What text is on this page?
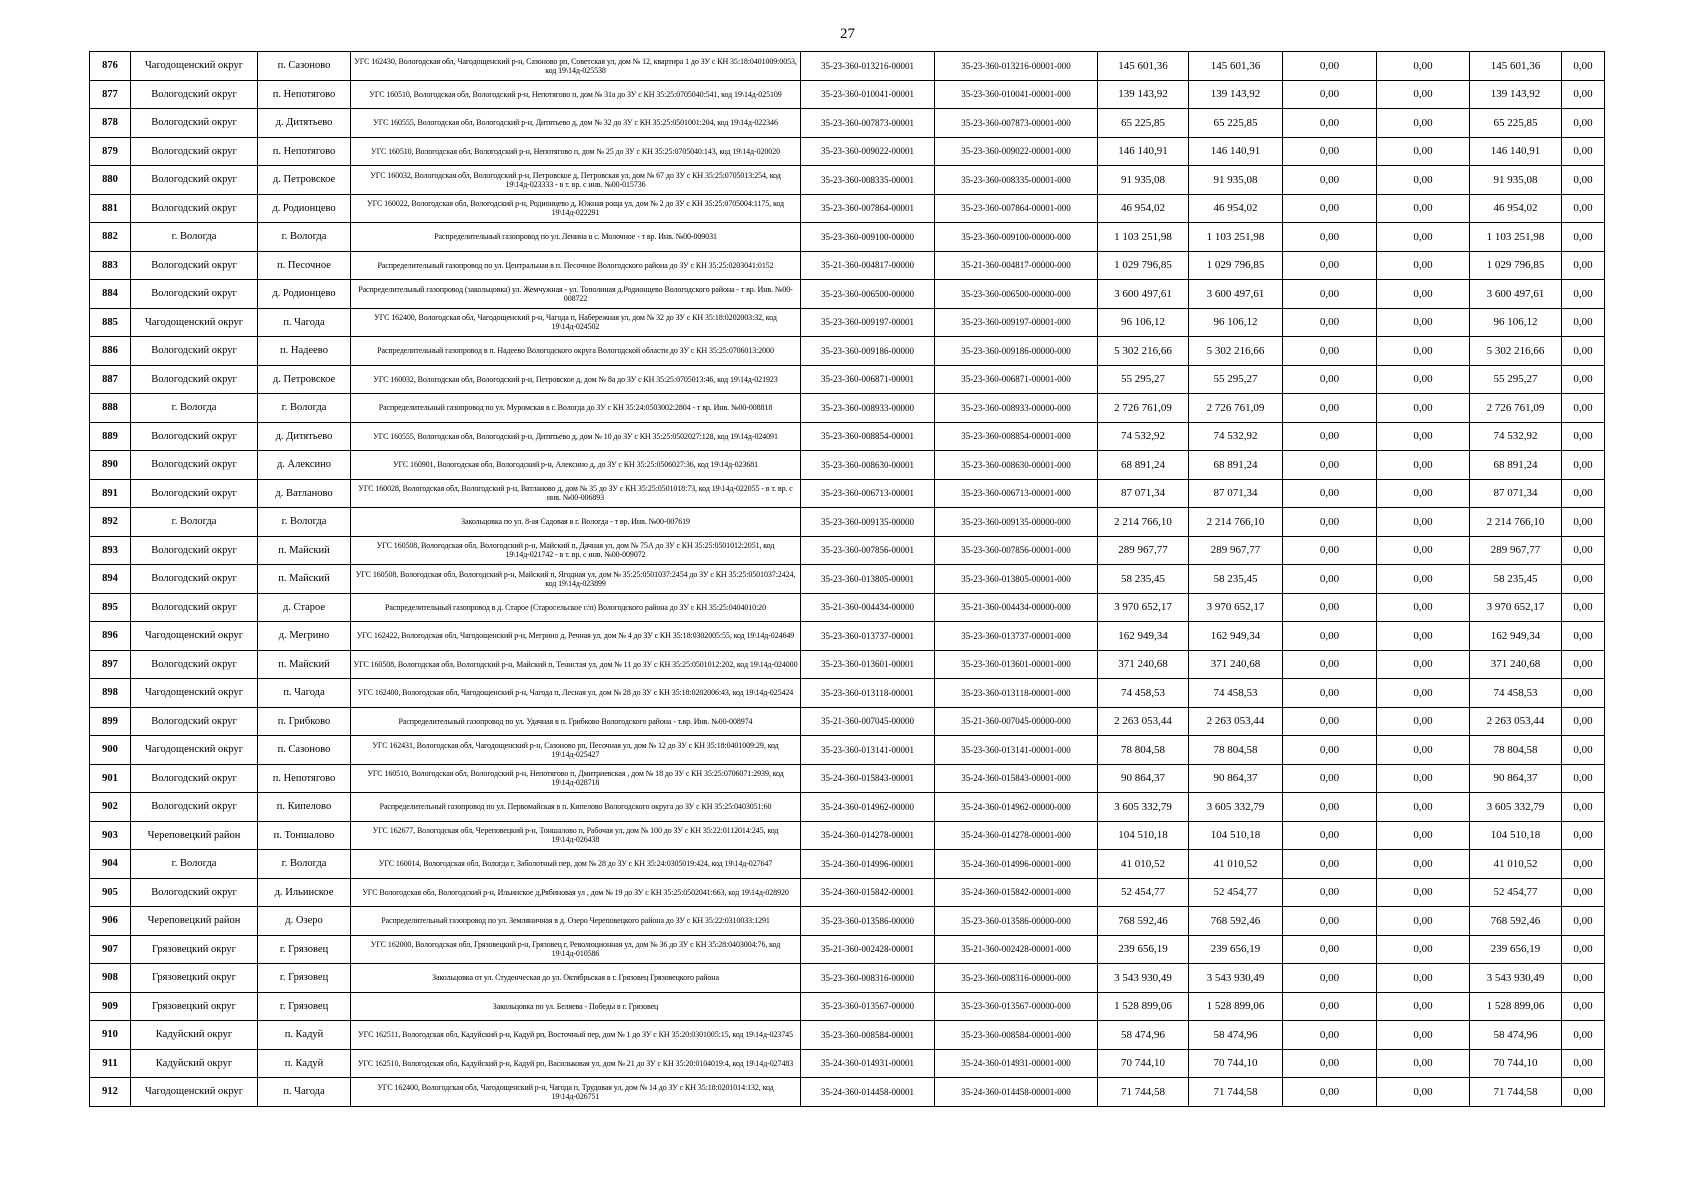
27
876	Чагодощенский округ	п. Сазоново	УГС 162430, Вологодская обл, Чагодощенский р-н, Сазоново рп, Советская ул, дом № 12, квартира 1 до ЗУ с КН 35:18:0401009:0053, код 19\14д-025538	35-23-360-013216-00001	35-23-360-013216-00001-000	145 601,36	145 601,36	0,00	0,00	145 601,36	0,00
877	Вологодский округ	п. Непотягово	УГС 160510, Вологодская обл, Вологодский р-н, Непотягово п, дом № 31а до ЗУ с КН 35:25:0705040:541, код 19\14д-025109	35-23-360-010041-00001	35-23-360-010041-00001-000	139 143,92	139 143,92	0,00	0,00	139 143,92	0,00
878	Вологодский округ	д. Дитятьево	УГС 160555, Вологодская обл, Вологодский р-н, Дитятьево д, дом № 32 до ЗУ с КН 35:25:0501001:204, код 19\14д-022346	35-23-360-007873-00001	35-23-360-007873-00001-000	65 225,85	65 225,85	0,00	0,00	65 225,85	0,00
879	Вологодский округ	п. Непотягово	УГС 160510, Вологодская обл, Вологодский р-н, Непотягово п, дом № 25 до ЗУ с КН 35:25:0705040:143, код 19\14д-020020	35-23-360-009022-00001	35-23-360-009022-00001-000	146 140,91	146 140,91	0,00	0,00	146 140,91	0,00
880	Вологодский округ	д. Петровское	УГС 160032, Вологодская обл, Вологодский р-н, Петровское д, Петровская ул, дом № 67 до ЗУ с КН 35:25:0705013:254, код 19\14д-023333 - в т. вр. с инв. №00-015736	35-23-360-008335-00001	35-23-360-008335-00001-000	91 935,08	91 935,08	0,00	0,00	91 935,08	0,00
881	Вологодский округ	д. Родионцево	УГС 160022, Вологодская обл, Вологодский р-н, Родионцево д, Южная роща ул, дом № 2 до ЗУ с КН 35:25:0705004:1175, код 19\14д-022291	35-23-360-007864-00001	35-23-360-007864-00001-000	46 954,02	46 954,02	0,00	0,00	46 954,02	0,00
882	г. Вологда	г. Вологда	Распределительный газопровод по ул. Ленина в с. Молочное - т вр. Инв. №00-009031	35-23-360-009100-00000	35-23-360-009100-00000-000	1 103 251,98	1 103 251,98	0,00	0,00	1 103 251,98	0,00
883	Вологодский округ	п. Песочное	Распределительный газопровод по ул. Центральная в п. Песочное Вологодского района до ЗУ с КН 35:25:0203041:0152	35-21-360-004817-00000	35-21-360-004817-00000-000	1 029 796,85	1 029 796,85	0,00	0,00	1 029 796,85	0,00
884	Вологодский округ	д. Родионцево	Распределительный газопровод (закольцовка) ул. Жемчужная - ул. Тополиная д.Родионцево Вологодского района - т вр. Инв. №00-008722	35-23-360-006500-00000	35-23-360-006500-00000-000	3 600 497,61	3 600 497,61	0,00	0,00	3 600 497,61	0,00
885	Чагодощенский округ	п. Чагода	УГС 162400, Вологодская обл, Чагодощенский р-н, Чагода п, Набережная ул, дом № 32 до ЗУ с КН 35:18:0202003:32, код 19\14д-024502	35-23-360-009197-00001	35-23-360-009197-00001-000	96 106,12	96 106,12	0,00	0,00	96 106,12	0,00
886	Вологодский округ	п. Надеево	Распределительный газопровод в п. Надеево Вологодского округа Вологодской области до ЗУ с КН 35:25:0706013:2000	35-23-360-009186-00000	35-23-360-009186-00000-000	5 302 216,66	5 302 216,66	0,00	0,00	5 302 216,66	0,00
887	Вологодский округ	д. Петровское	УГС 160032, Вологодская обл, Вологодский р-н, Петровское д, дом № 8а до ЗУ с КН 35:25:0705013:46, код 19\14д-021923	35-23-360-006871-00001	35-23-360-006871-00001-000	55 295,27	55 295,27	0,00	0,00	55 295,27	0,00
888	г. Вологда	г. Вологда	Распределительный газопровод по ул. Муромская в г. Вологда до ЗУ с КН 35:24:0503002:2804 - т вр. Инв. №00-008818	35-23-360-008933-00000	35-23-360-008933-00000-000	2 726 761,09	2 726 761,09	0,00	0,00	2 726 761,09	0,00
889	Вологодский округ	д. Дитятьево	УГС 160555, Вологодская обл, Вологодский р-н, Дитятьево д, дом № 10 до ЗУ с КН 35:25:0502027:128, код 19\14д-024091	35-23-360-008854-00001	35-23-360-008854-00001-000	74 532,92	74 532,92	0,00	0,00	74 532,92	0,00
890	Вологодский округ	д. Алексино	УГС 160901, Вологодская обл, Вологодский р-н, Алексино д, до ЗУ с КН 35:25:0506027:36, код 19\14д-023681	35-23-360-008630-00001	35-23-360-008630-00001-000	68 891,24	68 891,24	0,00	0,00	68 891,24	0,00
891	Вологодский округ	д. Ватланово	УГС 160028, Вологодская обл, Вологодский р-н, Ватланово д, дом № 35 до ЗУ с КН 35:25:0501018:73, код 19\14д-022055 - в т. вр. с инв. №00-006893	35-23-360-006713-00001	35-23-360-006713-00001-000	87 071,34	87 071,34	0,00	0,00	87 071,34	0,00
892	г. Вологда	г. Вологда	Закольцовка по ул. 8-ая Садовая в г. Вологда - т вр. Инв. №00-007619	35-23-360-009135-00000	35-23-360-009135-00000-000	2 214 766,10	2 214 766,10	0,00	0,00	2 214 766,10	0,00
893	Вологодский округ	п. Майский	УГС 160508, Вологодская обл, Вологодский р-н, Майский п, Дачная ул, дом № 75А до ЗУ с КН 35:25:0501012:2051, код 19\14д-021742 - в т. вр. с инв. №00-009072	35-23-360-007856-00001	35-23-360-007856-00001-000	289 967,77	289 967,77	0,00	0,00	289 967,77	0,00
894	Вологодский округ	п. Майский	УГС 160508, Вологодская обл, Вологодский р-н, Майский п, Ягодная ул, дом № 35:25:0501037:2454 до ЗУ с КН 35:25:0501037:2424, код 19\14д-023899	35-23-360-013805-00001	35-23-360-013805-00001-000	58 235,45	58 235,45	0,00	0,00	58 235,45	0,00
895	Вологодский округ	д. Старое	Распределительный газопровод в д. Старое (Старосельское с/п) Вологодского района до ЗУ с КН 35:25:0404010:20	35-21-360-004434-00000	35-21-360-004434-00000-000	3 970 652,17	3 970 652,17	0,00	0,00	3 970 652,17	0,00
896	Чагодощенский округ	д. Мегрино	УГС 162422, Вологодская обл, Чагодощенский р-н, Мегрино д, Речная ул, дом № 4 до ЗУ с КН 35:18:0302005:55, код 19\14д-024649	35-23-360-013737-00001	35-23-360-013737-00001-000	162 949,34	162 949,34	0,00	0,00	162 949,34	0,00
897	Вологодский округ	п. Майский	УГС 160508, Вологодская обл, Вологодский р-н, Майский п, Тенистая ул, дом № 11 до ЗУ с КН 35:25:0501012:202, код 19\14д-024000	35-23-360-013601-00001	35-23-360-013601-00001-000	371 240,68	371 240,68	0,00	0,00	371 240,68	0,00
898	Чагодощенский округ	п. Чагода	УГС 162400, Вологодская обл, Чагодощенский р-н, Чагода п, Лесная ул, дом № 28 до ЗУ с КН 35:18:0202006:43, код 19\14д-025424	35-23-360-013118-00001	35-23-360-013118-00001-000	74 458,53	74 458,53	0,00	0,00	74 458,53	0,00
899	Вологодский округ	п. Грибково	Распределительный газопровод по ул. Удачная в п. Грибково Вологодского района - т.вр. Инв. №00-008974	35-21-360-007045-00000	35-21-360-007045-00000-000	2 263 053,44	2 263 053,44	0,00	0,00	2 263 053,44	0,00
900	Чагодощенский округ	п. Сазоново	УГС 162431, Вологодская обл, Чагодощенский р-н, Сазоново рп, Песочная ул, дом № 12 до ЗУ с КН 35:18:0401009:29, код 19\14д-025427	35-23-360-013141-00001	35-23-360-013141-00001-000	78 804,58	78 804,58	0,00	0,00	78 804,58	0,00
901	Вологодский округ	п. Непотягово	УГС 160510, Вологодская обл, Вологодский р-н, Непотягово п, Дмитриевская , дом № 18 до ЗУ с КН 35:25:0706071:2939, код 19\14д-028718	35-24-360-015843-00001	35-24-360-015843-00001-000	90 864,37	90 864,37	0,00	0,00	90 864,37	0,00
902	Вологодский округ	п. Кипелово	Распределительный газопровод по ул. Первомайская в п. Кипелово Вологодского округа до ЗУ с КН 35:25:0403051:60	35-24-360-014962-00000	35-24-360-014962-00000-000	3 605 332,79	3 605 332,79	0,00	0,00	3 605 332,79	0,00
903	Череповецкий район	п. Тоншалово	УГС 162677, Вологодская обл, Череповецкий р-н, Тоншалово п, Рабочая ул, дом № 100 до ЗУ с КН 35:22:0112014:245, код 19\14д-026438	35-24-360-014278-00001	35-24-360-014278-00001-000	104 510,18	104 510,18	0,00	0,00	104 510,18	0,00
904	г. Вологда	г. Вологда	УГС 160014, Вологодская обл, Вологда г, Заболотный пер, дом № 28 до ЗУ с КН 35:24:0305019:424, код 19\14д-027647	35-24-360-014996-00001	35-24-360-014996-00001-000	41 010,52	41 010,52	0,00	0,00	41 010,52	0,00
905	Вологодский округ	д. Ильинское	УГС Вологодская обл, Вологодский р-н, Ильинское д,Рябиновая ул , дом № 19 до ЗУ с КН 35:25:0502041:663, код 19\14д-028920	35-24-360-015842-00001	35-24-360-015842-00001-000	52 454,77	52 454,77	0,00	0,00	52 454,77	0,00
906	Череповецкий район	д. Озеро	Распределительный газопровод по ул. Земляничная в д. Озеро Череповецкого района до ЗУ с КН 35:22:0310033:1291	35-23-360-013586-00000	35-23-360-013586-00000-000	768 592,46	768 592,46	0,00	0,00	768 592,46	0,00
907	Грязовецкий округ	г. Грязовец	УГС 162000, Вологодская обл, Грязовецкий р-н, Грязовец г, Революционная ул, дом № 36 до ЗУ с КН 35:28:0403004:76, код 19\14д-010586	35-21-360-002428-00001	35-21-360-002428-00001-000	239 656,19	239 656,19	0,00	0,00	239 656,19	0,00
908	Грязовецкий округ	г. Грязовец	Закольцовка от ул. Студенческая до ул. Октябрьская в г. Грязовец Грязовецкого района	35-23-360-008316-00000	35-23-360-008316-00000-000	3 543 930,49	3 543 930,49	0,00	0,00	3 543 930,49	0,00
909	Грязовецкий округ	г. Грязовец	Закольцовка по ул. Беляева - Победы в г. Грязовец	35-23-360-013567-00000	35-23-360-013567-00000-000	1 528 899,06	1 528 899,06	0,00	0,00	1 528 899,06	0,00
910	Кадуйский округ	п. Кадуй	УГС 162511, Вологодская обл, Кадуйский р-н, Кадуй рп, Восточный пер, дом № 1 до ЗУ с КН 35:20:0301005:15, код 19\14д-023745	35-23-360-008584-00001	35-23-360-008584-00001-000	58 474,96	58 474,96	0,00	0,00	58 474,96	0,00
911	Кадуйский округ	п. Кадуй	УГС 162510, Вологодская обл, Кадуйский р-н, Кадуй рп, Васильковая ул, дом № 21 до ЗУ с КН 35:20:0104019:4, код 19\14д-027483	35-24-360-014931-00001	35-24-360-014931-00001-000	70 744,10	70 744,10	0,00	0,00	70 744,10	0,00
912	Чагодощенский округ	п. Чагода	УГС 162400, Вологодская обл, Чагодощенский р-н, Чагода п, Трудовая ул, дом № 14 до ЗУ с КН 35:18:0201014:132, код 19\14д-026751	35-24-360-014458-00001	35-24-360-014458-00001-000	71 744,58	71 744,58	0,00	0,00	71 744,58	0,00
